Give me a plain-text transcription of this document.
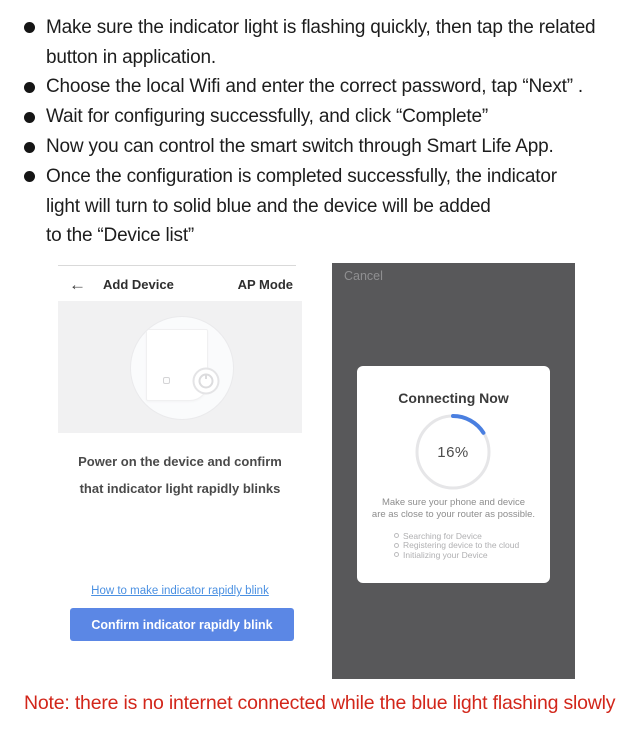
Make sure the indicator light is flashing quickly, then tap the related
button in application.
Choose the local Wifi and enter the correct password, tap “Next” .
Wait for configuring successfully, and click “Complete”
Now you can control the smart switch through Smart Life App.
Once the configuration is completed successfully, the indicator
light will turn to solid blue and the device will be added
to the “Device list”
← Add Device	AP Mode
Power on the device and confirm
that indicator light rapidly blinks
How to make indicator rapidly blink
Confirm indicator rapidly blink
Cancel
Connecting Now
16%
Make sure your phone and device
are as close to your router as possible.
Searching for Device
Registering device to the cloud
Initializing your Device
Note: there is no internet connected while the blue light flashing slowly
